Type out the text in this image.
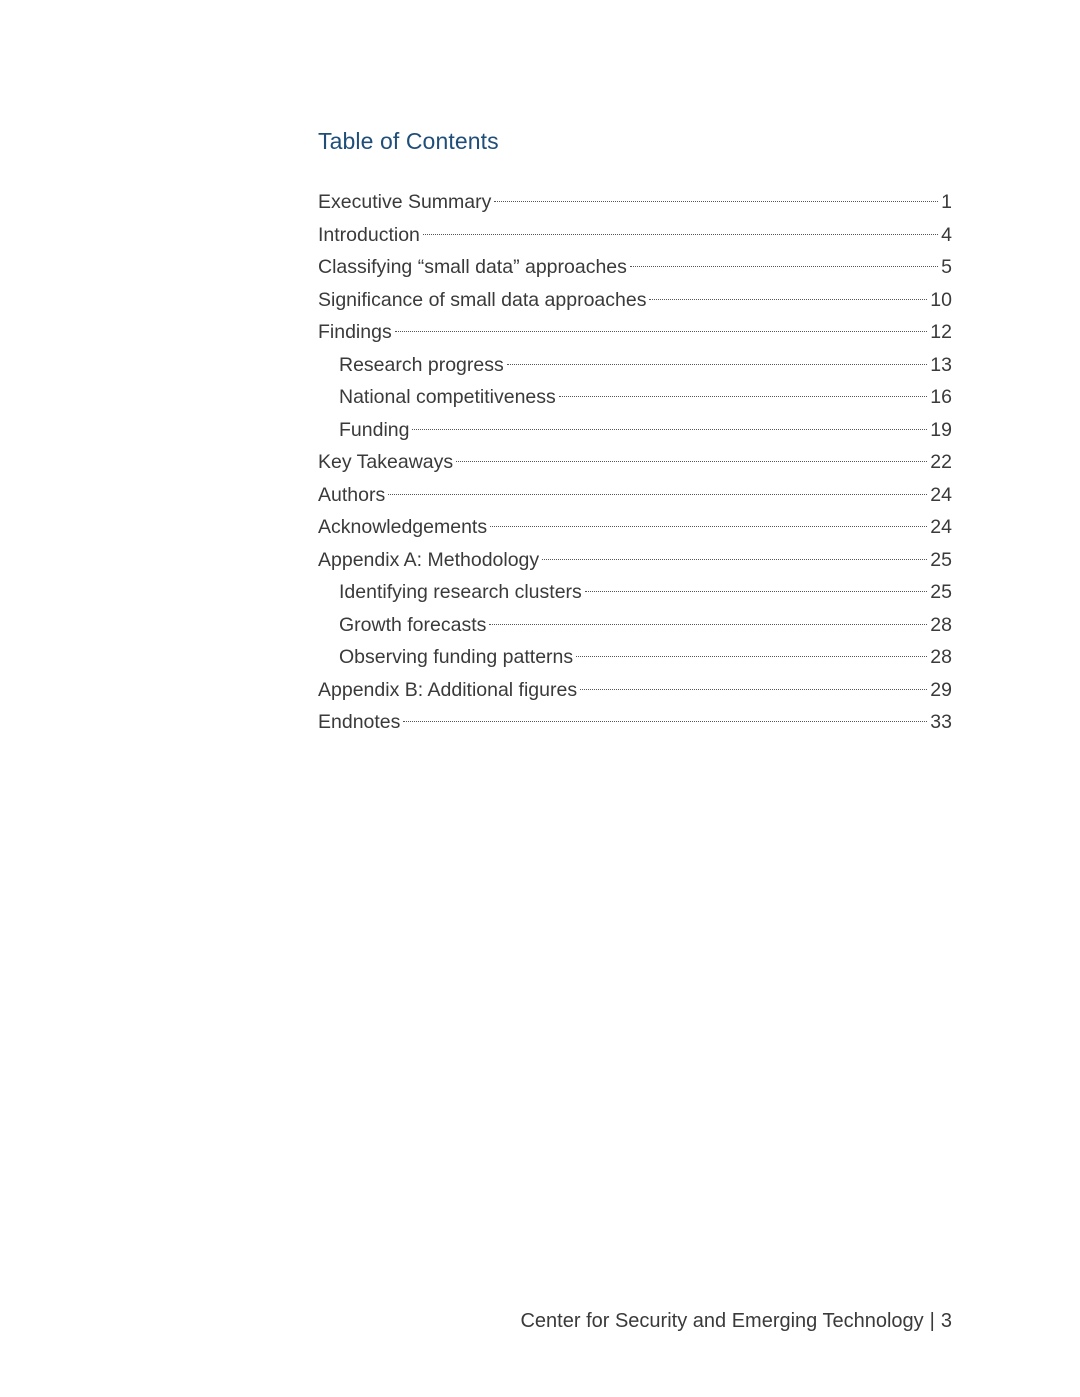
Table of Contents
Executive Summary	1
Introduction	4
Classifying “small data” approaches	5
Significance of small data approaches	10
Findings	12
Research progress	13
National competitiveness	16
Funding	19
Key Takeaways	22
Authors	24
Acknowledgements	24
Appendix A: Methodology	25
Identifying research clusters	25
Growth forecasts	28
Observing funding patterns	28
Appendix B: Additional figures	29
Endnotes	33
Center for Security and Emerging Technology | 3
